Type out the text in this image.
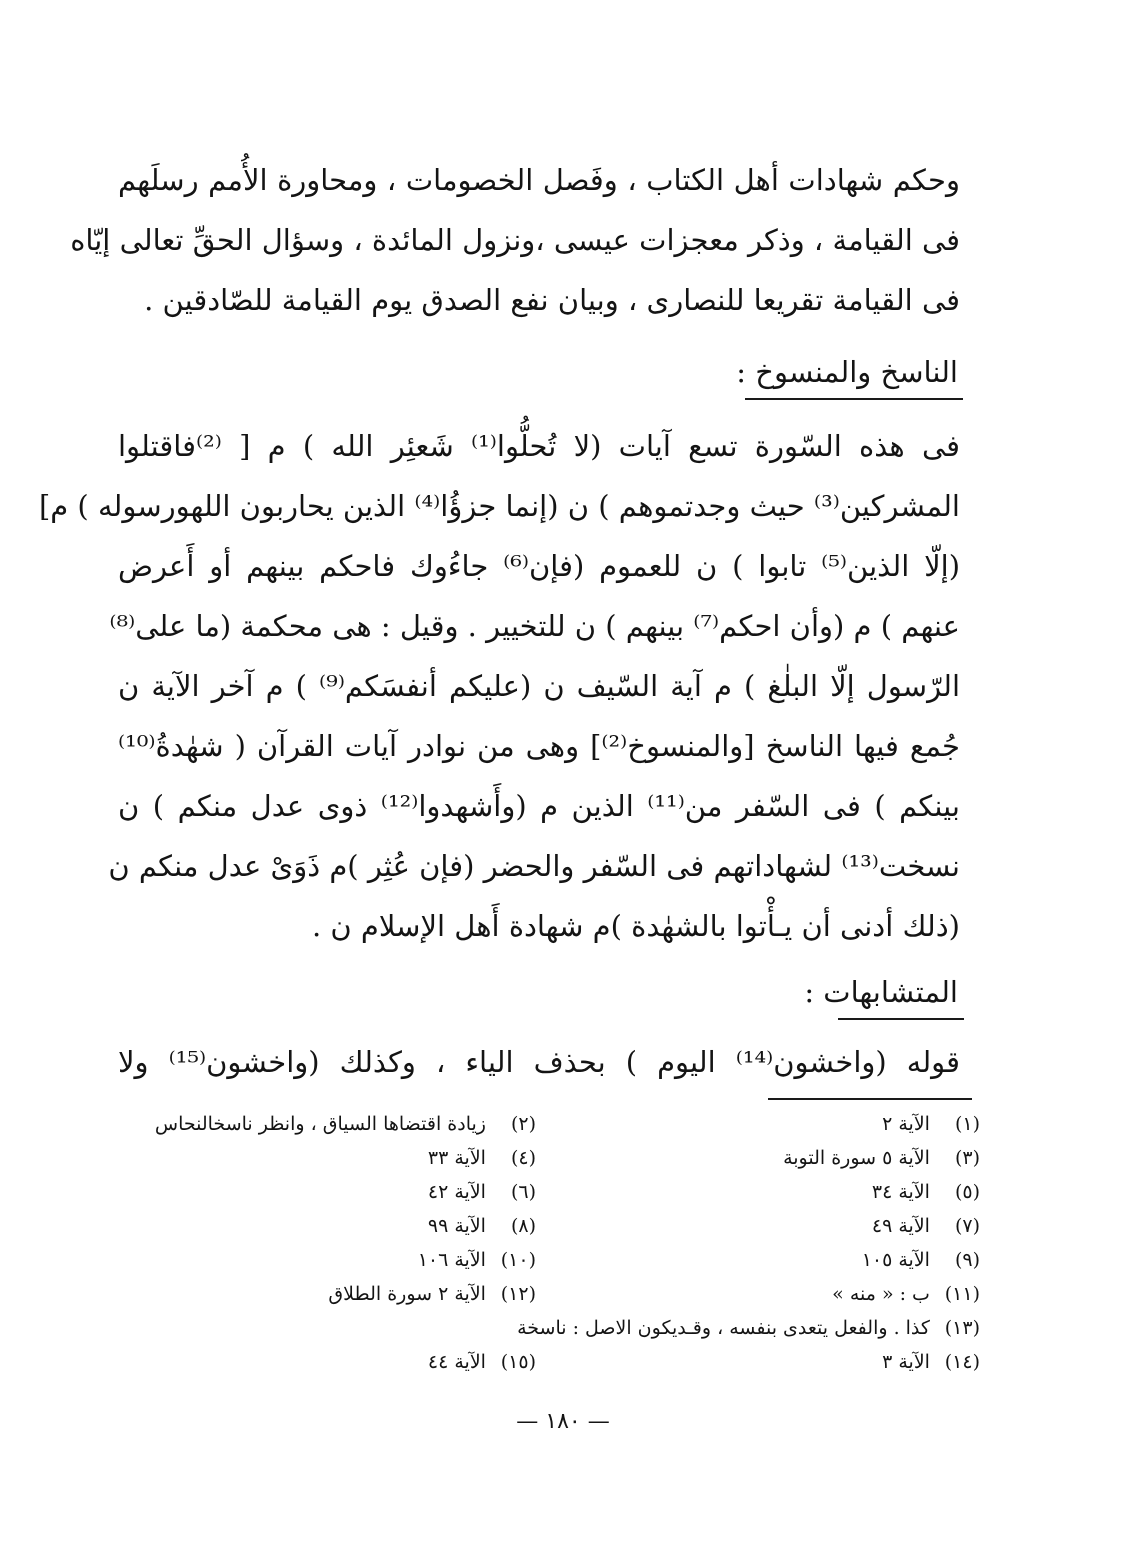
وحكم شهادات أهل الكتاب ، وفَصل الخصومات ، ومحاورة الأُمم رسلَهم
فى القيامة ، وذكر معجزات عيسى ،ونزول المائدة ، وسؤال الحقِّ تعالى إيّاه
فى القيامة تقريعا للنصارى ، وبيان نفع الصدق يوم القيامة للصّادقين .
الناسخ والمنسوخ :
فى هذه السّورة تسع آيات (لا تُحلُّوا⁽¹⁾ شَعئِر الله ) م [ ⁽²⁾فاقتلوا
المشركين⁽³⁾ حيث وجدتموهم ) ن (إنما جزؤُا⁽⁴⁾ الذين يحاربون اللهورسوله ) م]
(إلّا الذين⁽⁵⁾ تابوا ) ن للعموم (فإن⁽⁶⁾ جاءُوك فاحكم بينهم أو أَعرض
عنهم ) م (وأن احكم⁽⁷⁾ بينهم ) ن للتخيير . وقيل : هى محكمة (ما على⁽⁸⁾
الرّسول إلّا البلٰغ ) م آية السّيف ن (عليكم أنفسَكم⁽⁹⁾ ) م آخر الآية ن
جُمع فيها الناسخ [والمنسوخ⁽²⁾] وهى من نوادر آيات القرآن ( شهٰدةُ⁽¹⁰⁾
بينكم ) فى السّفر من⁽¹¹⁾ الذين م (وأَشهدوا⁽¹²⁾ ذوى عدل منكم ) ن
نسخت⁽¹³⁾ لشهاداتهم فى السّفر والحضر (فإن عُثِر )م ذَوَىْ عدل منكم ن
(ذلك أدنى أن يـأْتوا بالشهٰدة )م شهادة أَهل الإسلام ن .
المتشابهات :
قوله (واخشون⁽¹⁴⁾ اليوم ) بحذف الياء ، وكذلك (واخشون⁽¹⁵⁾ ولا
(١) الآية ٢
(٢) زيادة اقتضاها السياق ، وانظر ناسخالنحاس
(٣) الآية ٥ سورة التوبة
(٤) الآية ٣٣
(٥) الآية ٣٤
(٦) الآية ٤٢
(٧) الآية ٤٩
(٨) الآية ٩٩
(٩) الآية ١٠٥
(١٠) الآية ١٠٦
(١١) ب : « منه »
(١٢) الآية ٢ سورة الطلاق
(١٣) كذا . والفعل يتعدى بنفسه ، وقـديكون الاصل : ناسخة
(١٤) الآية ٣
(١٥) الآية ٤٤
— ١٨٠ —
